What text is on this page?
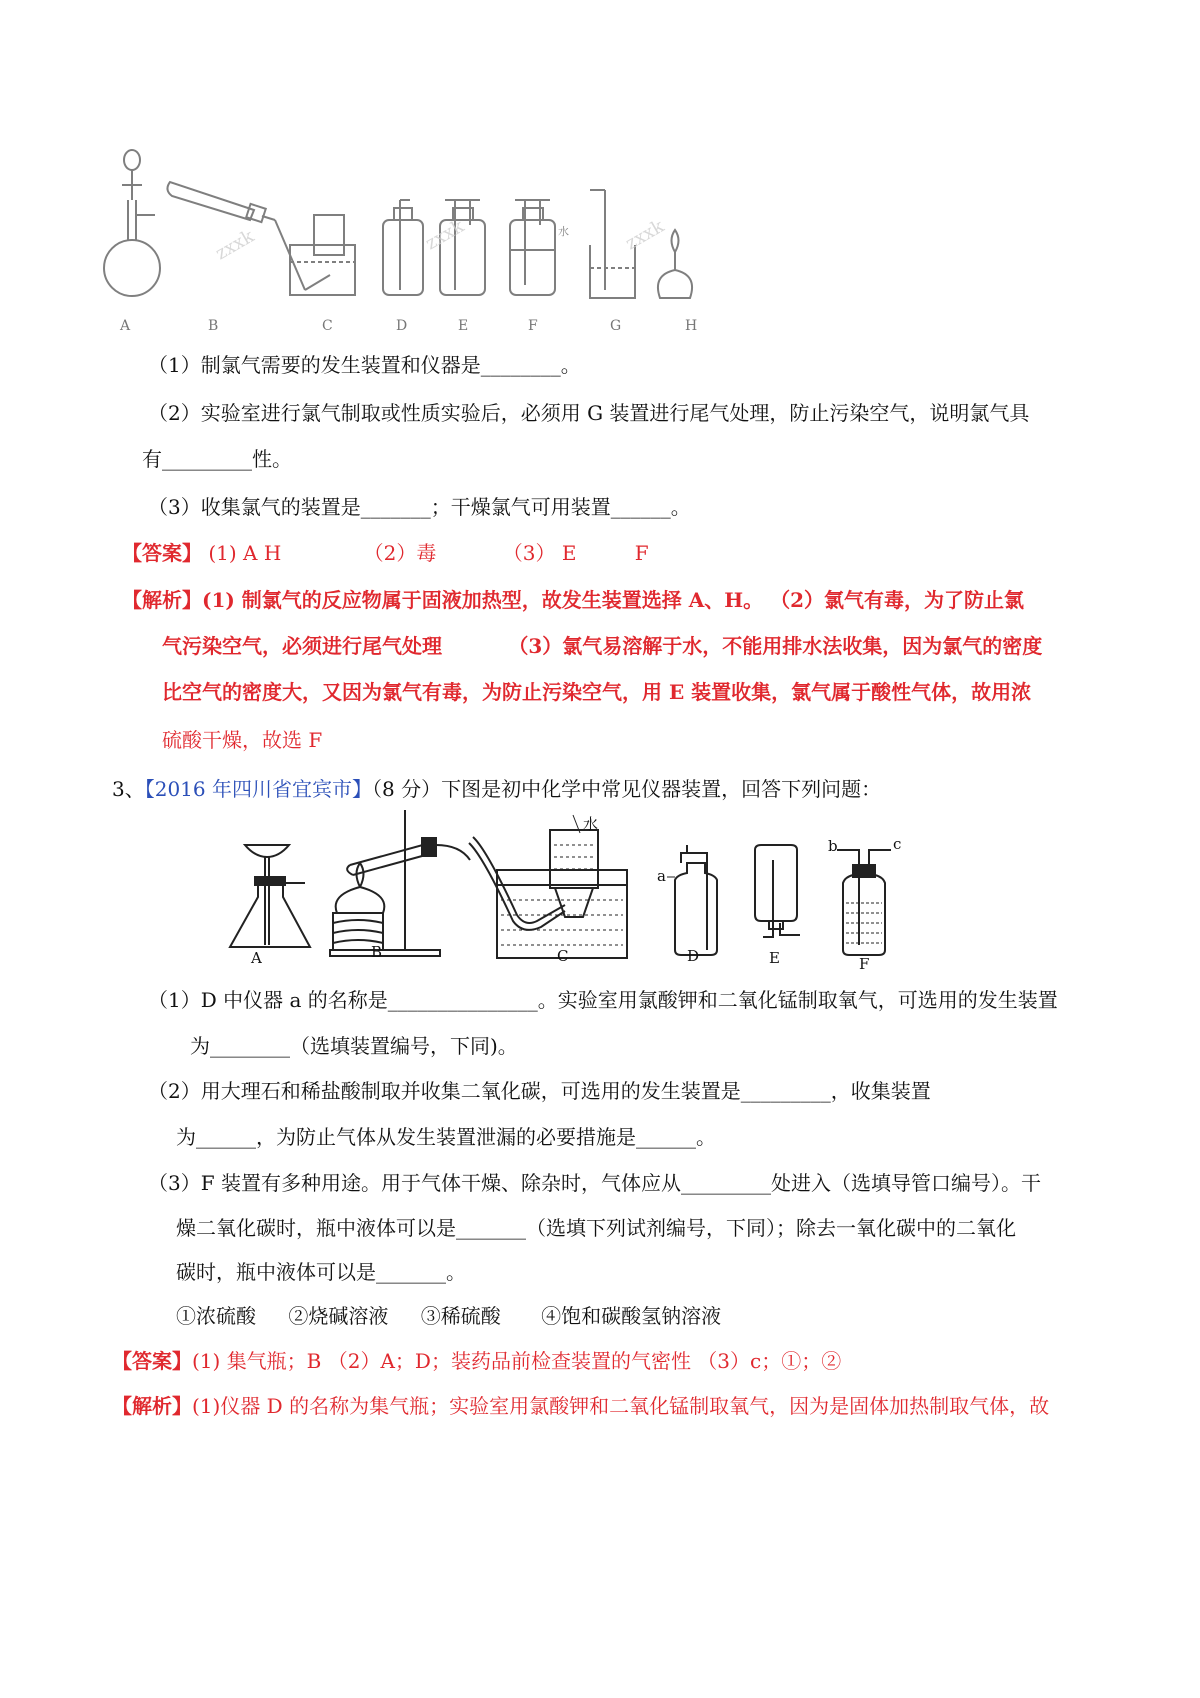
zxxk	zxxk	zxxk
A	B	C	D	E	F	G	H
水
（1）制氯气需要的发生装置和仪器是________。
（2）实验室进行氯气制取或性质实验后，必须用 G 装置进行尾气处理，防止污染空气，说明氯气具
有_________性。
（3）收集氯气的装置是_______；干燥氯气可用装置______。
【答案】 (1) A H	（2）毒	（3） E	F
【解析】(1) 制氯气的反应物属于固液加热型，故发生装置选择 A、H。 （2）氯气有毒，为了防止氯
气污染空气，必须进行尾气处理	（3）氯气易溶解于水，不能用排水法收集，因为氯气的密度
比空气的密度大，又因为氯气有毒，为防止污染空气，用 E 装置收集，氯气属于酸性气体，故用浓
硫酸干燥，故选 F
3、【2016 年四川省宜宾市】（8 分）下图是初中化学中常见仪器装置，回答下列问题：
水
a
b	c
A	B	C	D	E	F
（1）D 中仪器 a 的名称是_______________。实验室用氯酸钾和二氧化锰制取氧气，可选用的发生装置
为________（选填装置编号，下同)。
（2）用大理石和稀盐酸制取并收集二氧化碳，可选用的发生装置是_________，收集装置
为______，为防止气体从发生装置泄漏的必要措施是______。
（3）F 装置有多种用途。用于气体干燥、除杂时，气体应从_________处进入（选填导管口编号）。干
燥二氧化碳时，瓶中液体可以是_______（选填下列试剂编号，下同）；除去一氧化碳中的二氧化
碳时，瓶中液体可以是_______。
①浓硫酸 ②烧碱溶液 ③稀硫酸 ④饱和碳酸氢钠溶液
【答案】(1) 集气瓶；B （2）A；D；装药品前检查装置的气密性 （3）c；①；②
【解析】(1)仪器 D 的名称为集气瓶；实验室用氯酸钾和二氧化锰制取氧气，因为是固体加热制取气体，故
